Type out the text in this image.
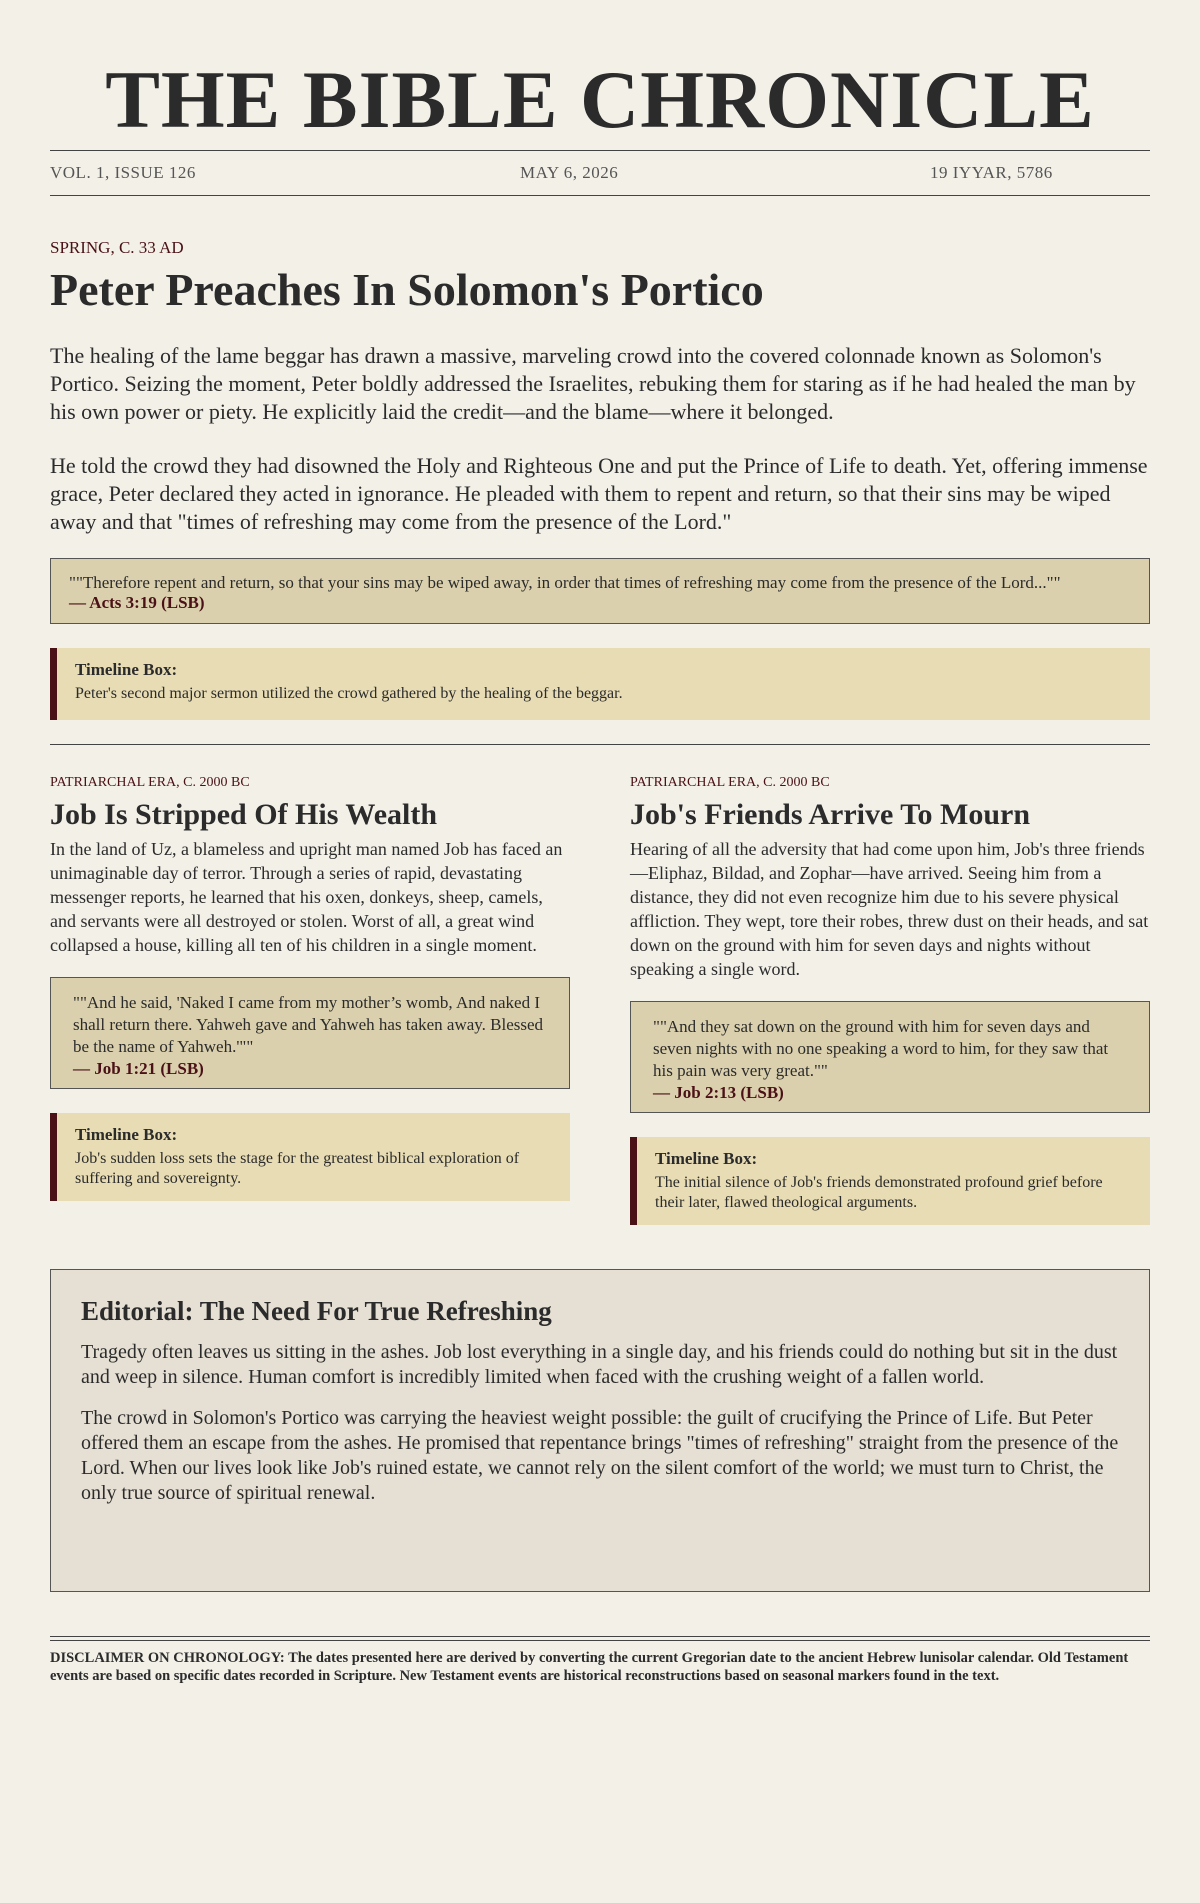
THE BIBLE CHRONICLE
VOL. 1, ISSUE 126	MAY 6, 2026	19 IYYAR, 5786
SPRING, C. 33 AD
Peter Preaches In Solomon's Portico

The healing of the lame beggar has drawn a massive, marveling crowd into the covered colonnade known as Solomon's Portico. Seizing the moment, Peter boldly addressed the Israelites, rebuking them for staring as if he had healed the man by his own power or piety. He explicitly laid the credit—and the blame—where it belonged.

He told the crowd they had disowned the Holy and Righteous One and put the Prince of Life to death. Yet, offering immense grace, Peter declared they acted in ignorance. He pleaded with them to repent and return, so that their sins may be wiped away and that "times of refreshing may come from the presence of the Lord."

""Therefore repent and return, so that your sins may be wiped away, in order that times of refreshing may come from the presence of the Lord...""
— Acts 3:19 (LSB)
Timeline Box:
Peter's second major sermon utilized the crowd gathered by the healing of the beggar.
PATRIARCHAL ERA, C. 2000 BC
Job Is Stripped Of His Wealth

In the land of Uz, a blameless and upright man named Job has faced an unimaginable day of terror. Through a series of rapid, devastating messenger reports, he learned that his oxen, donkeys, sheep, camels, and servants were all destroyed or stolen. Worst of all, a great wind collapsed a house, killing all ten of his children in a single moment.

""And he said, 'Naked I came from my mother’s womb, And naked I shall return there. Yahweh gave and Yahweh has taken away. Blessed be the name of Yahweh.'""
— Job 1:21 (LSB)
Timeline Box:
Job's sudden loss sets the stage for the greatest biblical exploration of suffering and sovereignty.
PATRIARCHAL ERA, C. 2000 BC
Job's Friends Arrive To Mourn

Hearing of all the adversity that had come upon him, Job's three friends—Eliphaz, Bildad, and Zophar—have arrived. Seeing him from a distance, they did not even recognize him due to his severe physical affliction. They wept, tore their robes, threw dust on their heads, and sat down on the ground with him for seven days and nights without speaking a single word.

""And they sat down on the ground with him for seven days and seven nights with no one speaking a word to him, for they saw that his pain was very great.""
— Job 2:13 (LSB)
Timeline Box:
The initial silence of Job's friends demonstrated profound grief before their later, flawed theological arguments.
Editorial: The Need For True Refreshing

Tragedy often leaves us sitting in the ashes. Job lost everything in a single day, and his friends could do nothing but sit in the dust and weep in silence. Human comfort is incredibly limited when faced with the crushing weight of a fallen world.

The crowd in Solomon's Portico was carrying the heaviest weight possible: the guilt of crucifying the Prince of Life. But Peter offered them an escape from the ashes. He promised that repentance brings "times of refreshing" straight from the presence of the Lord. When our lives look like Job's ruined estate, we cannot rely on the silent comfort of the world; we must turn to Christ, the only true source of spiritual renewal.

DISCLAIMER ON CHRONOLOGY: The dates presented here are derived by converting the current Gregorian date to the ancient Hebrew lunisolar calendar. Old Testament events are based on specific dates recorded in Scripture. New Testament events are historical reconstructions based on seasonal markers found in the text.
